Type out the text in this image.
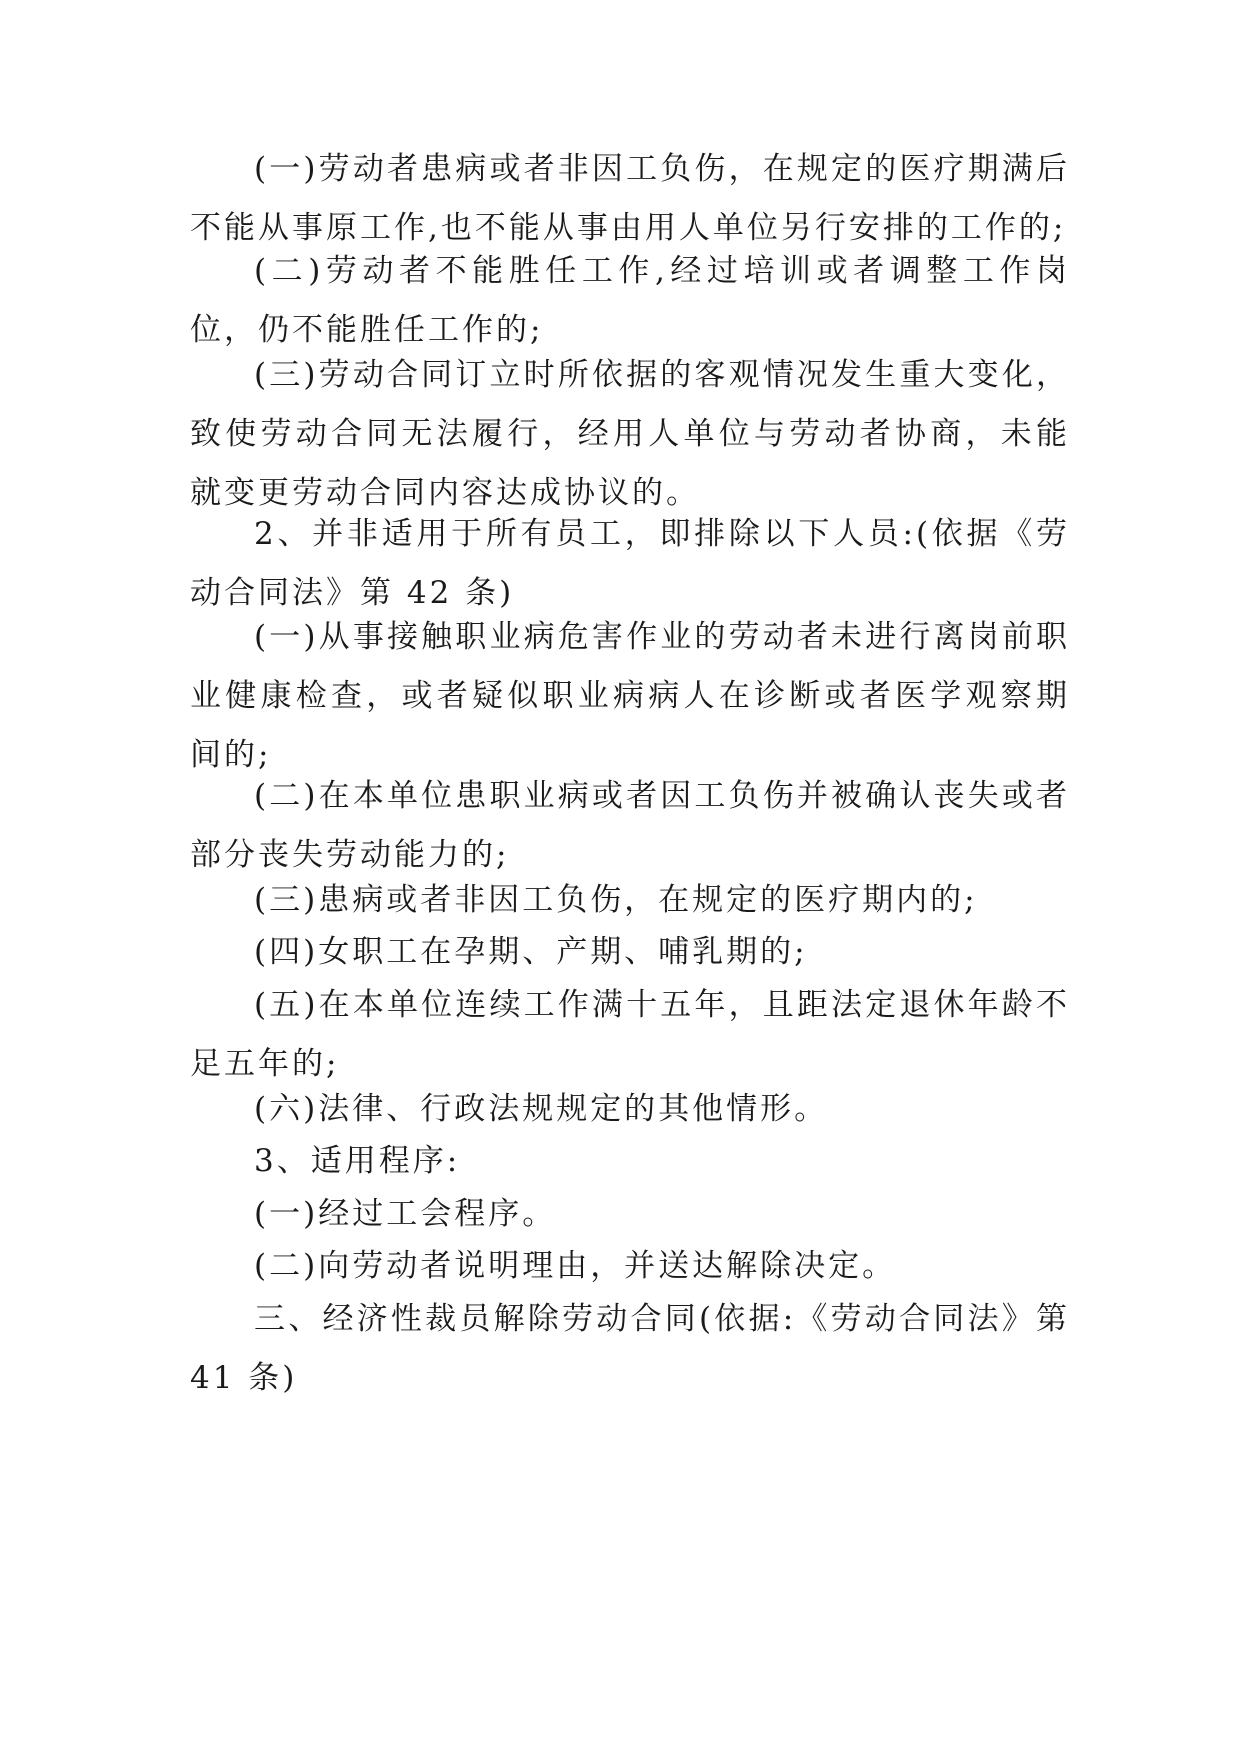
(一)劳动者患病或者非因工负伤，在规定的医疗期满后不能从事原工作,也不能从事由用人单位另行安排的工作的;

(二)劳动者不能胜任工作,经过培训或者调整工作岗位，仍不能胜任工作的;

(三)劳动合同订立时所依据的客观情况发生重大变化，致使劳动合同无法履行，经用人单位与劳动者协商，未能就变更劳动合同内容达成协议的。

2、并非适用于所有员工，即排除以下人员:(依据《劳动合同法》第 42 条)

(一)从事接触职业病危害作业的劳动者未进行离岗前职业健康检查，或者疑似职业病病人在诊断或者医学观察期间的;

(二)在本单位患职业病或者因工负伤并被确认丧失或者部分丧失劳动能力的;

(三)患病或者非因工负伤，在规定的医疗期内的;

(四)女职工在孕期、产期、哺乳期的;

(五)在本单位连续工作满十五年，且距法定退休年龄不足五年的;

(六)法律、行政法规规定的其他情形。

3、适用程序:

(一)经过工会程序。

(二)向劳动者说明理由，并送达解除决定。

三、经济性裁员解除劳动合同(依据:《劳动合同法》第41 条)
